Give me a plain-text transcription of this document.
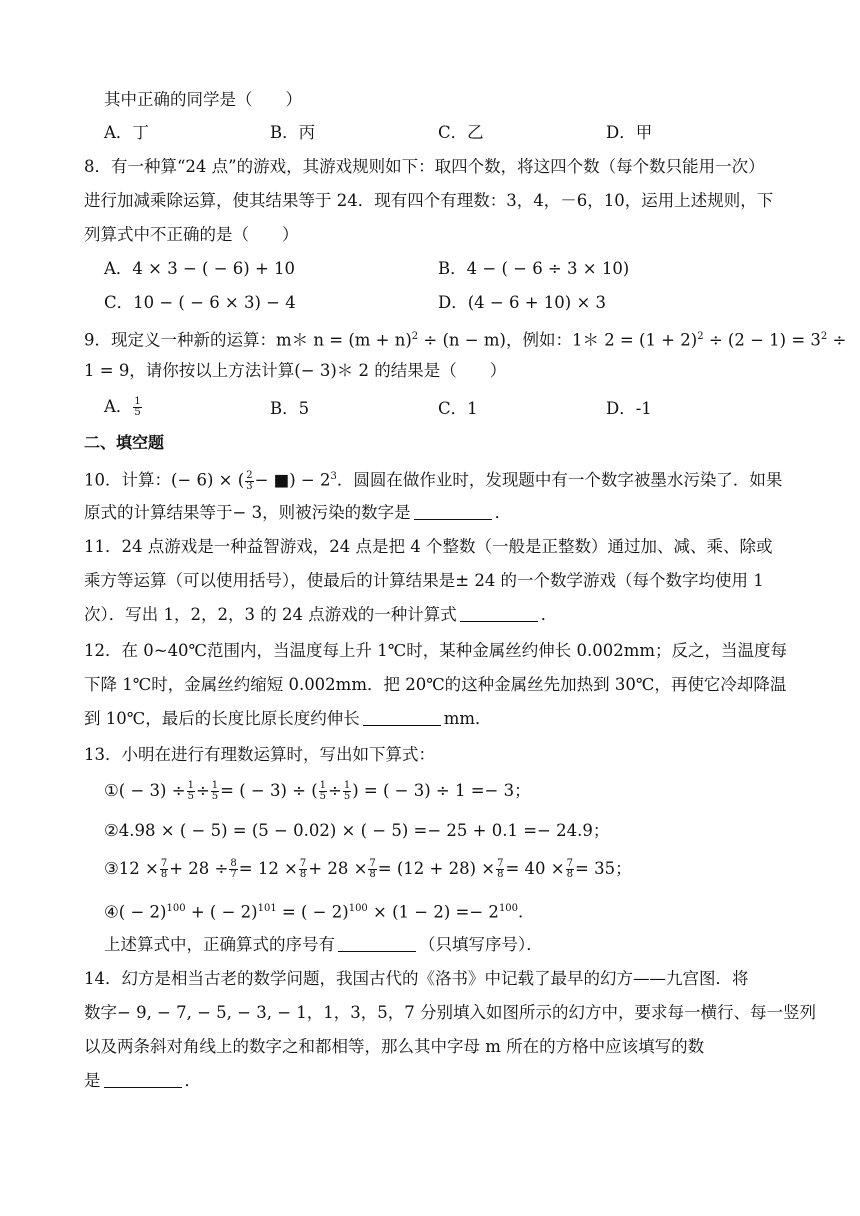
其中正确的同学是（　　）
A．丁	B．丙	C．乙	D．甲
8．有一种算“24 点”的游戏，其游戏规则如下：取四个数，将这四个数（每个数只能用一次）
进行加减乘除运算，使其结果等于 24．现有四个有理数：3，4，－6，10，运用上述规则，下
列算式中不正确的是（　　）
A．4 × 3 − ( − 6) + 10	B．4 − ( − 6 ÷ 3 × 10)
C．10 − ( − 6 × 3) − 4	D．(4 − 6 + 10) × 3
9．现定义一种新的运算：m＊ $n = (m + n)^2 \div (n - m)$，例如：1＊ $2 = (1 + 2)^2 \div (2 - 1) = 3^2$ ÷
1 = 9，请你按以上方法计算(− 3)＊ 2 的结果是（　　）
A． $\frac{1}{5}$	B．5	C．1	D．-1
二、填空题
10．计算：(− 6) × ( $\frac{2}{3}$ − ■) − $2^3$．圆圆在做作业时，发现题中有一个数字被墨水污染了．如果
原式的计算结果等于− 3，则被污染的数字是	．
11．24 点游戏是一种益智游戏，24 点是把 4 个整数（一般是正整数）通过加、减、乘、除或
乘方等运算（可以使用括号），使最后的计算结果是± 24 的一个数学游戏（每个数字均使用 1
次）．写出 1，2，2，3 的 24 点游戏的一种计算式	．
12．在 0~40℃范围内，当温度每上升 1℃时，某种金属丝约伸长 0.002mm；反之，当温度每
下降 1℃时，金属丝约缩短 0.002mm．把 20℃的这种金属丝先加热到 30℃，再使它冷却降温
到 10℃，最后的长度比原长度约伸长	mm．
13．小明在进行有理数运算时，写出如下算式：
①( − $3) \div \frac{1}{5} \div \frac{1}{5}$ = ( − 3) ÷ ( $\frac{1}{5} \div \frac{1}{5}$ ) = ( − 3) ÷ 1 =− 3；
②4.98 × ( − 5) = (5 − 0.02) × ( − 5) =− 25 + 0.1 =− 24.9；
③12 × $\frac{7}{8} + 28 \div \frac{8}{7} = 12 \times \frac{7}{8} + 28 \times \frac{7}{8} = (12 + 28) \times \frac{7}{8} = 40 \times \frac{7}{8} = 35$；
④( − 2)$^{100}$ + ( − 2)$^{101}$ = ( − $2)^{100} \times (1 - 2) =- 2^{100}$.
上述算式中，正确算式的序号有	（只填写序号）．
14．幻方是相当古老的数学问题，我国古代的《洛书》中记载了最早的幻方——九宫图．将
数字− 9, − 7, − 5, − 3, − 1，1，3，5，7 分别填入如图所示的幻方中，要求每一横行、每一竖列
以及两条斜对角线上的数字之和都相等，那么其中字母 m 所在的方格中应该填写的数
是	．
